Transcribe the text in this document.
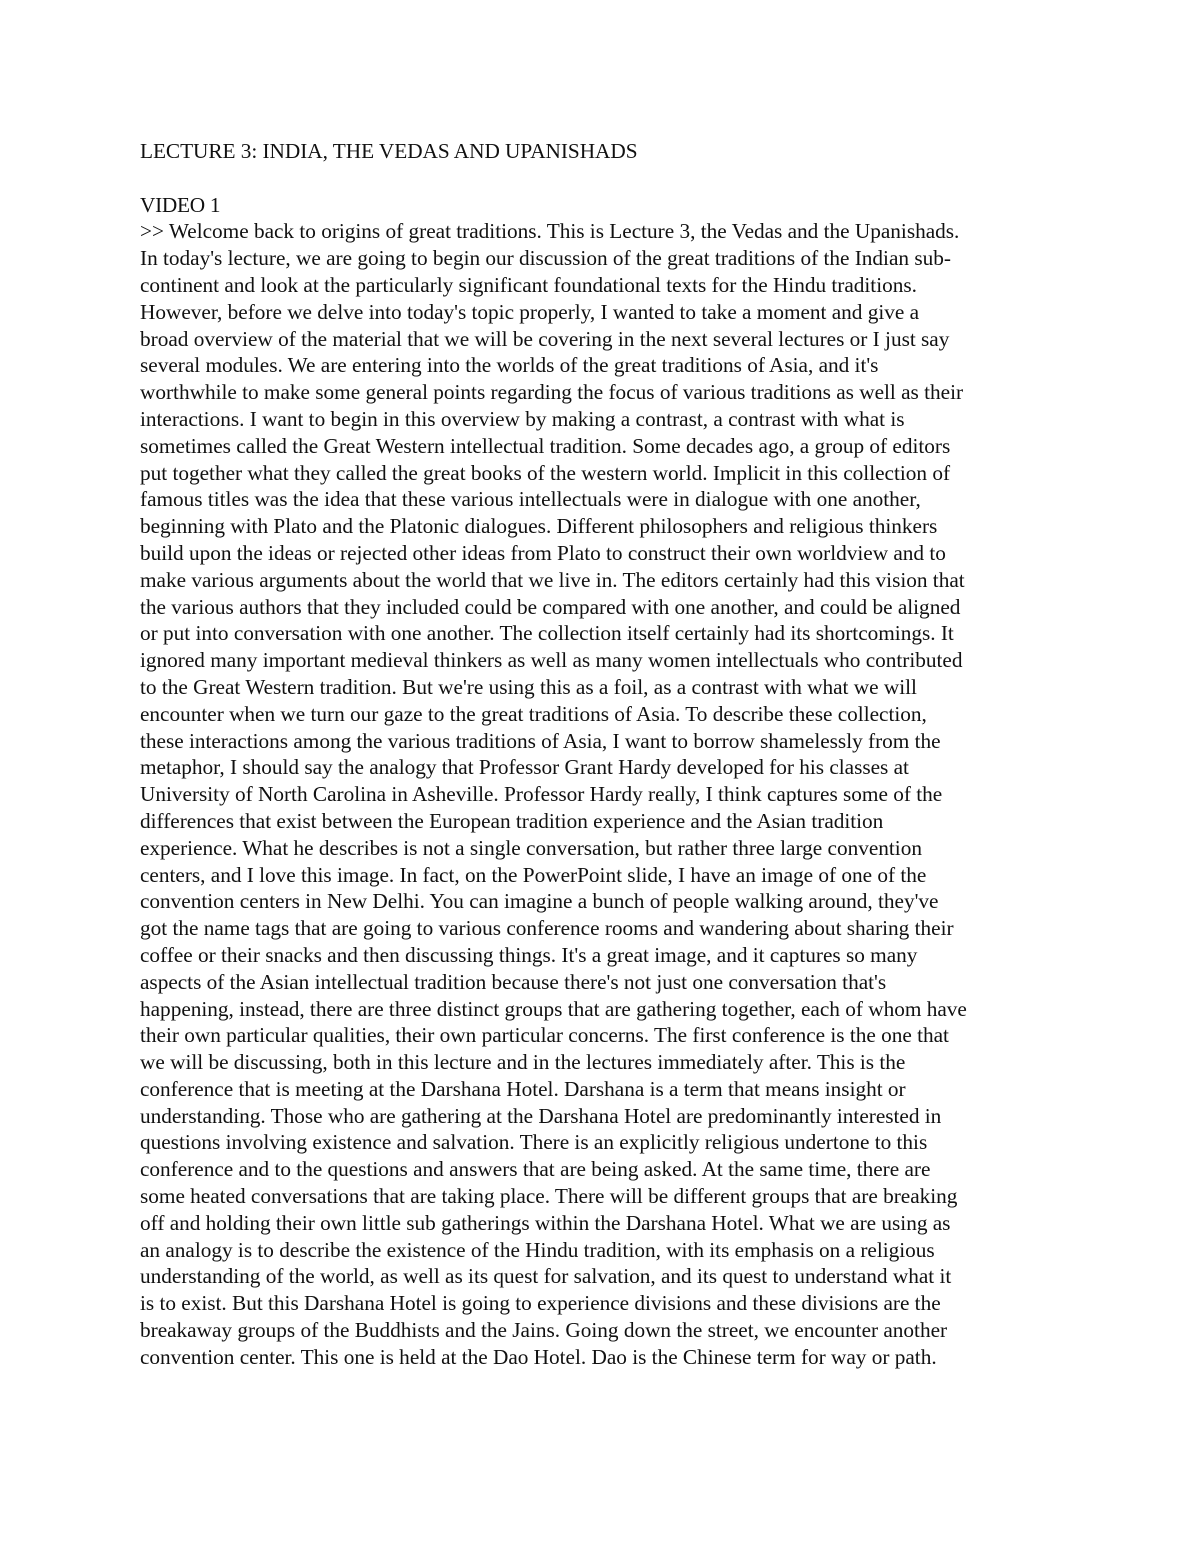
LECTURE 3: INDIA, THE VEDAS AND UPANISHADS
VIDEO 1
>> Welcome back to origins of great traditions. This is Lecture 3, the Vedas and the Upanishads.
In today's lecture, we are going to begin our discussion of the great traditions of the Indian sub-
continent and look at the particularly significant foundational texts for the Hindu traditions.
However, before we delve into today's topic properly, I wanted to take a moment and give a
broad overview of the material that we will be covering in the next several lectures or I just say
several modules. We are entering into the worlds of the great traditions of Asia, and it's
worthwhile to make some general points regarding the focus of various traditions as well as their
interactions. I want to begin in this overview by making a contrast, a contrast with what is
sometimes called the Great Western intellectual tradition. Some decades ago, a group of editors
put together what they called the great books of the western world. Implicit in this collection of
famous titles was the idea that these various intellectuals were in dialogue with one another,
beginning with Plato and the Platonic dialogues. Different philosophers and religious thinkers
build upon the ideas or rejected other ideas from Plato to construct their own worldview and to
make various arguments about the world that we live in. The editors certainly had this vision that
the various authors that they included could be compared with one another, and could be aligned
or put into conversation with one another. The collection itself certainly had its shortcomings. It
ignored many important medieval thinkers as well as many women intellectuals who contributed
to the Great Western tradition. But we're using this as a foil, as a contrast with what we will
encounter when we turn our gaze to the great traditions of Asia. To describe these collection,
these interactions among the various traditions of Asia, I want to borrow shamelessly from the
metaphor, I should say the analogy that Professor Grant Hardy developed for his classes at
University of North Carolina in Asheville. Professor Hardy really, I think captures some of the
differences that exist between the European tradition experience and the Asian tradition
experience. What he describes is not a single conversation, but rather three large convention
centers, and I love this image. In fact, on the PowerPoint slide, I have an image of one of the
convention centers in New Delhi. You can imagine a bunch of people walking around, they've
got the name tags that are going to various conference rooms and wandering about sharing their
coffee or their snacks and then discussing things. It's a great image, and it captures so many
aspects of the Asian intellectual tradition because there's not just one conversation that's
happening, instead, there are three distinct groups that are gathering together, each of whom have
their own particular qualities, their own particular concerns. The first conference is the one that
we will be discussing, both in this lecture and in the lectures immediately after. This is the
conference that is meeting at the Darshana Hotel. Darshana is a term that means insight or
understanding. Those who are gathering at the Darshana Hotel are predominantly interested in
questions involving existence and salvation. There is an explicitly religious undertone to this
conference and to the questions and answers that are being asked. At the same time, there are
some heated conversations that are taking place. There will be different groups that are breaking
off and holding their own little sub gatherings within the Darshana Hotel. What we are using as
an analogy is to describe the existence of the Hindu tradition, with its emphasis on a religious
understanding of the world, as well as its quest for salvation, and its quest to understand what it
is to exist. But this Darshana Hotel is going to experience divisions and these divisions are the
breakaway groups of the Buddhists and the Jains. Going down the street, we encounter another
convention center. This one is held at the Dao Hotel. Dao is the Chinese term for way or path.
